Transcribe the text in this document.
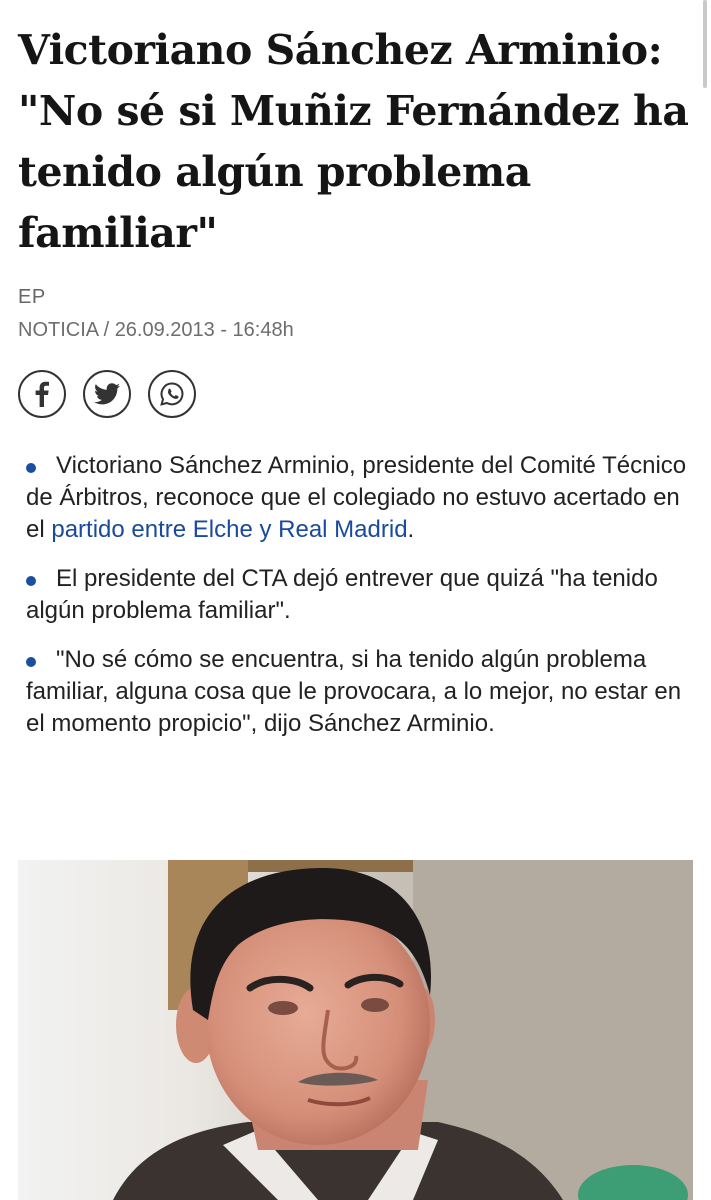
Victoriano Sánchez Arminio: "No sé si Muñiz Fernández ha tenido algún problema familiar"
EP
NOTICIA / 26.09.2013 - 16:48h
Victoriano Sánchez Arminio, presidente del Comité Técnico de Árbitros, reconoce que el colegiado no estuvo acertado en el partido entre Elche y Real Madrid.
El presidente del CTA dejó entrever que quizá "ha tenido algún problema familiar".
"No sé cómo se encuentra, si ha tenido algún problema familiar, alguna cosa que le provocara, a lo mejor, no estar en el momento propicio", dijo Sánchez Arminio.
